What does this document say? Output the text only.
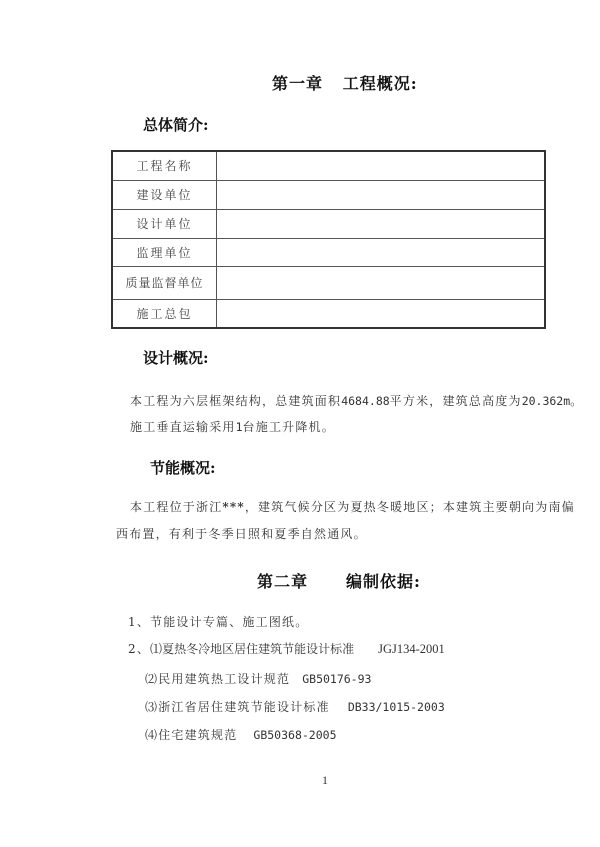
第一章 工程概况:
总体简介:
工程名称	
建设单位	
设计单位	
监理单位	
质量监督单位	
施工总包	
设计概况:
本工程为六层框架结构，总建筑面积4684.88平方米，建筑总高度为20.362m。
施工垂直运输采用1台施工升降机。
节能概况:
本工程位于浙江***，建筑气候分区为夏热冬暖地区；本建筑主要朝向为南偏
西布置，有利于冬季日照和夏季自然通风。
第二章 编制依据:
1、节能设计专篇、施工图纸。
2、⑴夏热冬冷地区居住建筑节能设计标准 JGJ134-2001
⑵民用建筑热工设计规范 GB50176-93
⑶浙江省居住建筑节能设计标准 DB33/1015-2003
⑷住宅建筑规范 GB50368-2005
1
